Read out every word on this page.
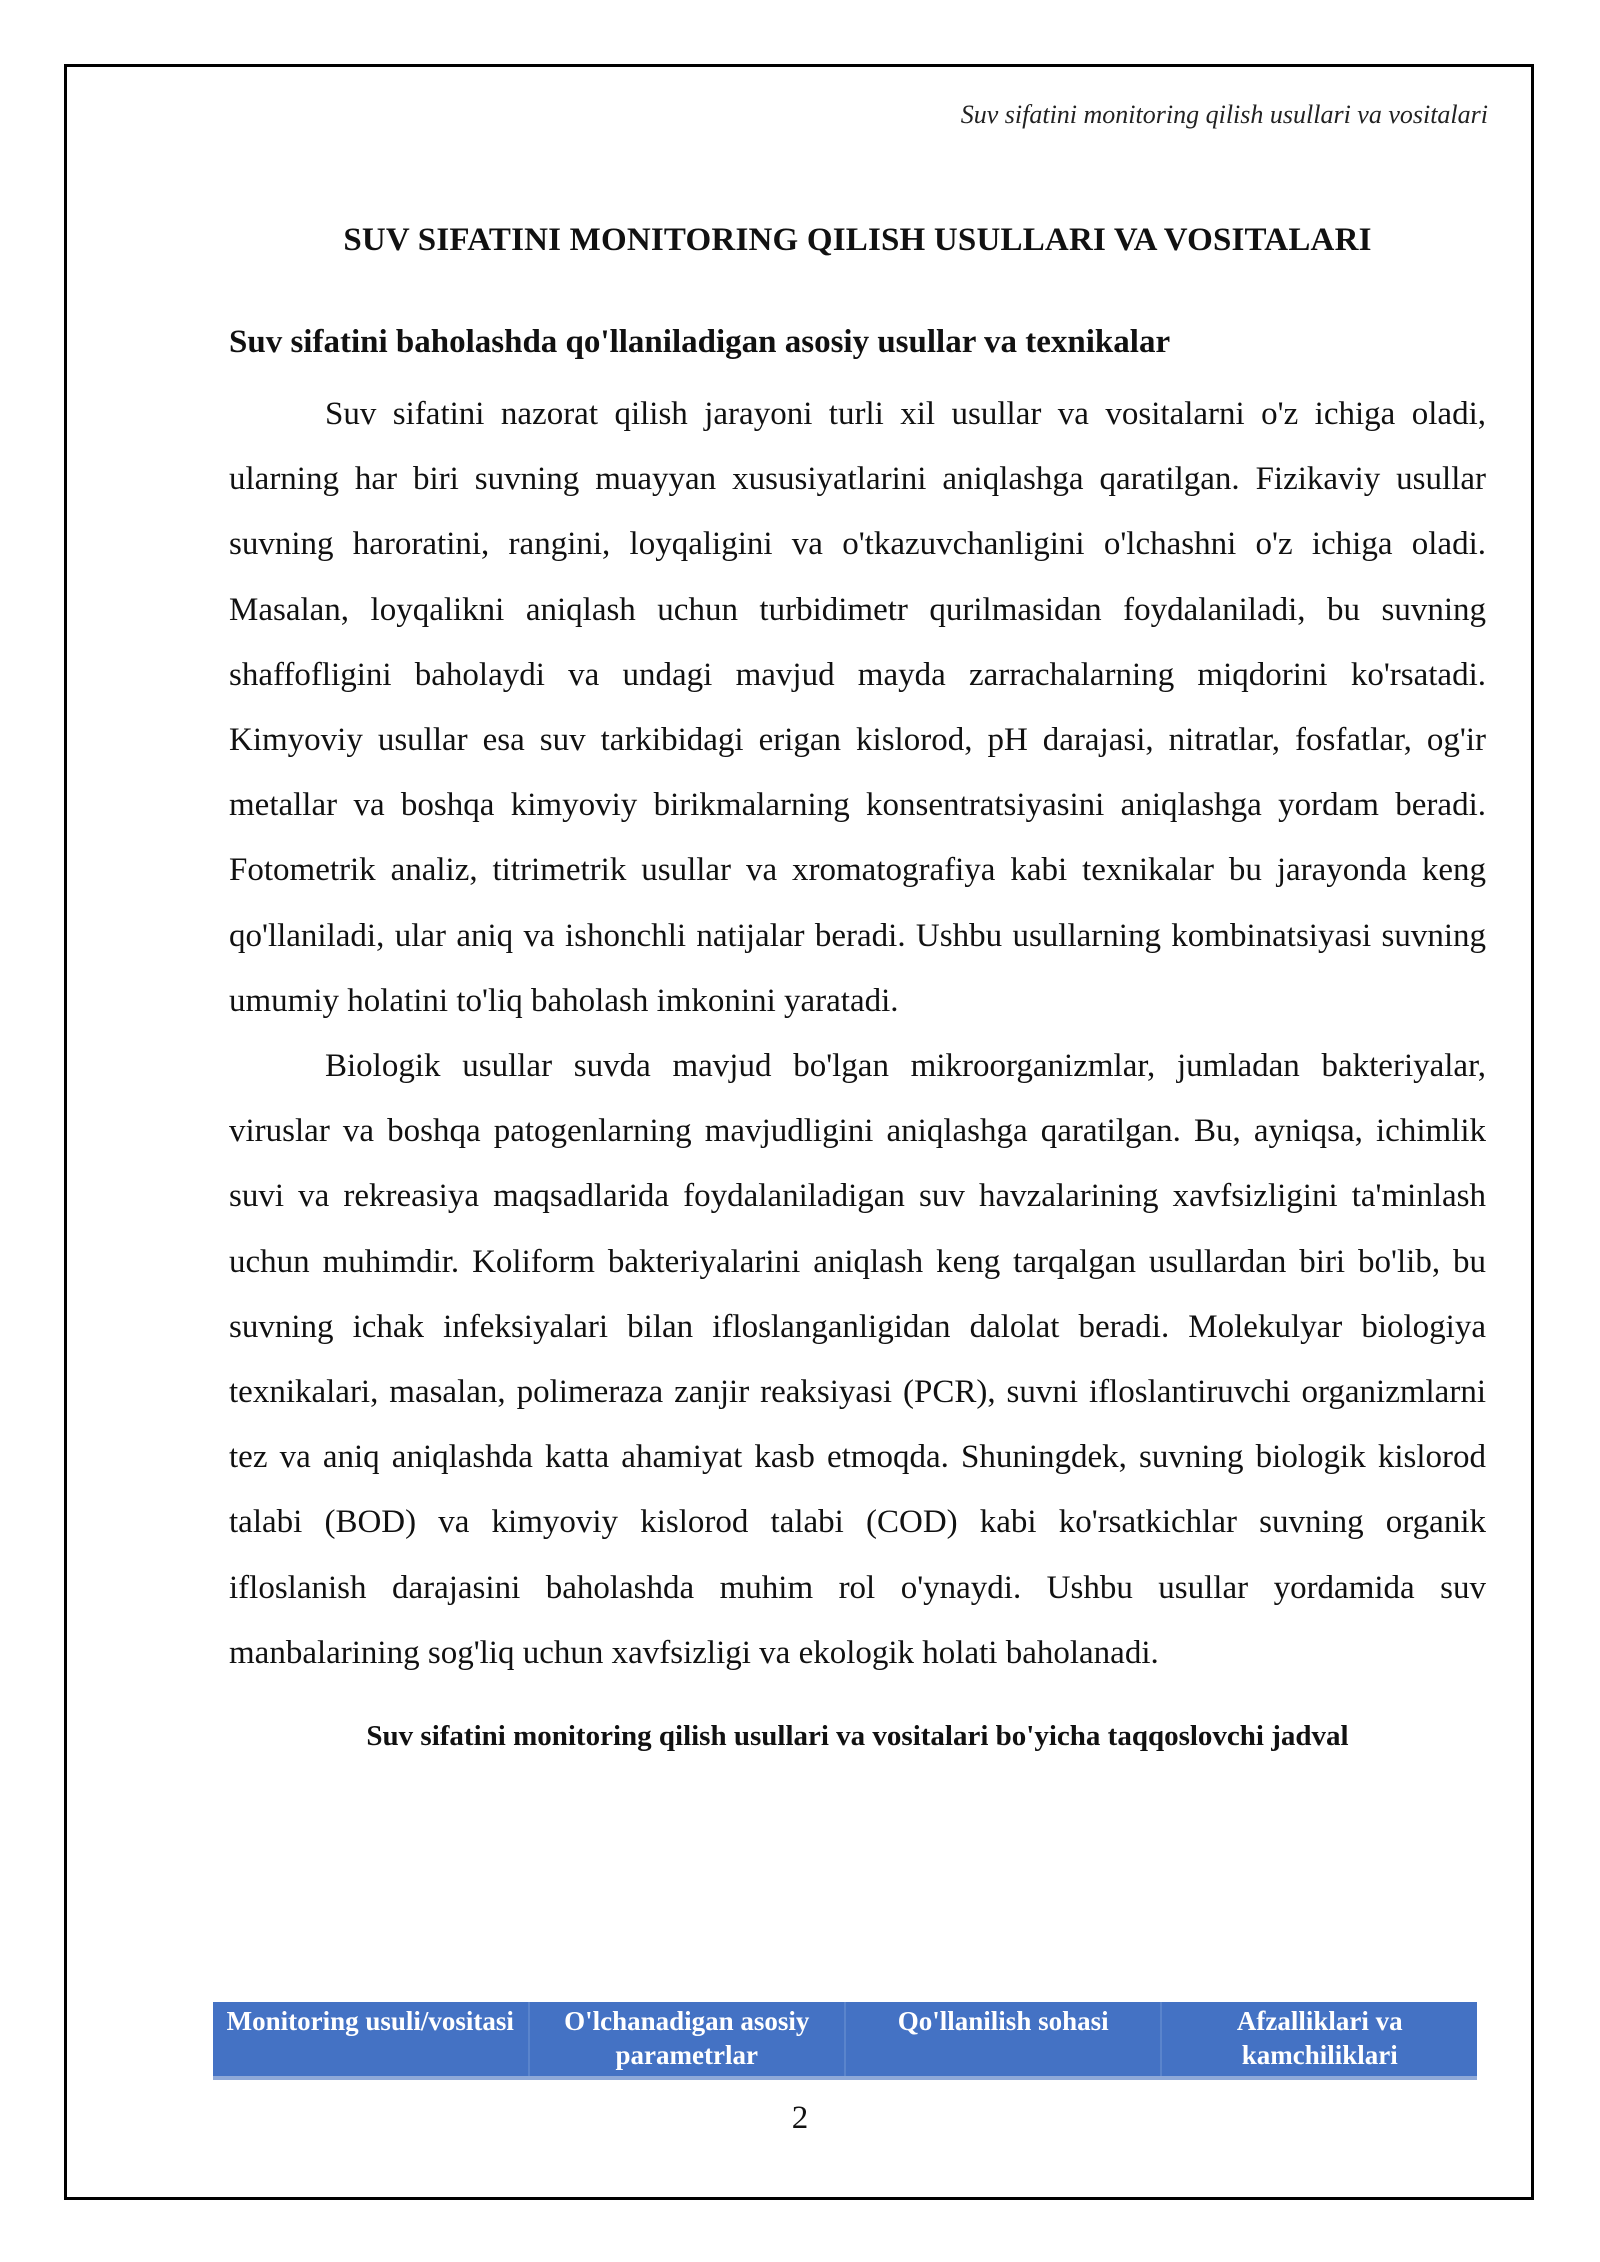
Suv sifatini monitoring qilish usullari va vositalari
SUV SIFATINI MONITORING QILISH USULLARI VA VOSITALARI
Suv sifatini baholashda qo'llaniladigan asosiy usullar va texnikalar

Suv sifatini nazorat qilish jarayoni turli xil usullar va vositalarni o'z ichiga oladi, ularning har biri suvning muayyan xususiyatlarini aniqlashga qaratilgan. Fizikaviy usullar suvning haroratini, rangini, loyqaligini va o'tkazuvchanligini o'lchashni o'z ichiga oladi. Masalan, loyqalikni aniqlash uchun turbidimetr qurilmasidan foydalaniladi, bu suvning shaffofligini baholaydi va undagi mavjud mayda zarrachalarning miqdorini ko'rsatadi. Kimyoviy usullar esa suv tarkibidagi erigan kislorod, pH darajasi, nitratlar, fosfatlar, og'ir metallar va boshqa kimyoviy birikmalarning konsentratsiyasini aniqlashga yordam beradi. Fotometrik analiz, titrimetrik usullar va xromatografiya kabi texnikalar bu jarayonda keng qo'llaniladi, ular aniq va ishonchli natijalar beradi. Ushbu usullarning kombinatsiyasi suvning umumiy holatini to'liq baholash imkonini yaratadi.

Biologik usullar suvda mavjud bo'lgan mikroorganizmlar, jumladan bakteriyalar, viruslar va boshqa patogenlarning mavjudligini aniqlashga qaratilgan. Bu, ayniqsa, ichimlik suvi va rekreasiya maqsadlarida foydalaniladigan suv havzalarining xavfsizligini ta'minlash uchun muhimdir. Koliform bakteriyalarini aniqlash keng tarqalgan usullardan biri bo'lib, bu suvning ichak infeksiyalari bilan ifloslanganligidan dalolat beradi. Molekulyar biologiya texnikalari, masalan, polimeraza zanjir reaksiyasi (PCR), suvni ifloslantiruvchi organizmlarni tez va aniq aniqlashda katta ahamiyat kasb etmoqda. Shuningdek, suvning biologik kislorod talabi (BOD) va kimyoviy kislorod talabi (COD) kabi ko'rsatkichlar suvning organik ifloslanish darajasini baholashda muhim rol o'ynaydi. Ushbu usullar yordamida suv manbalarining sog'liq uchun xavfsizligi va ekologik holati baholanadi.

Suv sifatini monitoring qilish usullari va vositalari bo'yicha taqqoslovchi jadval

Monitoring usuli/vositasi	O'lchanadigan asosiy parametrlar	Qo'llanilish sohasi	Afzalliklari va kamchiliklari
2
